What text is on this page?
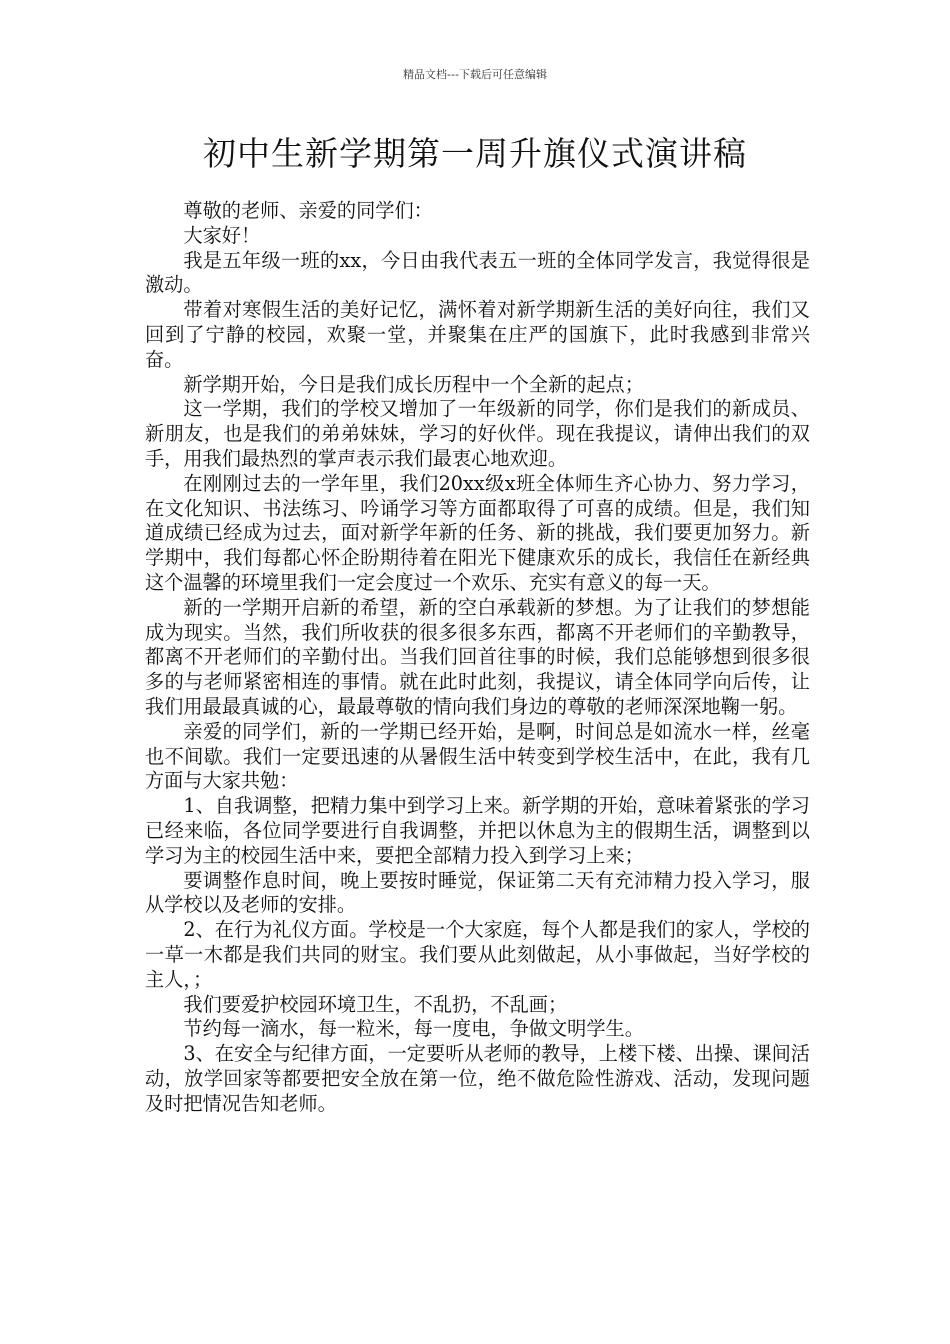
精品文档---下载后可任意编辑
初中生新学期第一周升旗仪式演讲稿

尊敬的老师、亲爱的同学们：

大家好！

我是五年级一班的xx，今日由我代表五一班的全体同学发言，我觉得很是激动。

带着对寒假生活的美好记忆，满怀着对新学期新生活的美好向往，我们又回到了宁静的校园，欢聚一堂，并聚集在庄严的国旗下，此时我感到非常兴奋。

新学期开始，今日是我们成长历程中一个全新的起点；

这一学期，我们的学校又增加了一年级新的同学，你们是我们的新成员、新朋友，也是我们的弟弟妹妹，学习的好伙伴。现在我提议，请伸出我们的双手，用我们最热烈的掌声表示我们最衷心地欢迎。

在刚刚过去的一学年里，我们20xx级x班全体师生齐心协力、努力学习，在文化知识、书法练习、吟诵学习等方面都取得了可喜的成绩。但是，我们知道成绩已经成为过去，面对新学年新的任务、新的挑战，我们要更加努力。新学期中，我们每都心怀企盼期待着在阳光下健康欢乐的成长，我信任在新经典这个温馨的环境里我们一定会度过一个欢乐、充实有意义的每一天。

新的一学期开启新的希望，新的空白承载新的梦想。为了让我们的梦想能成为现实。当然，我们所收获的很多很多东西，都离不开老师们的辛勤教导，都离不开老师们的辛勤付出。当我们回首往事的时候，我们总能够想到很多很多的与老师紧密相连的事情。就在此时此刻，我提议，请全体同学向后传，让我们用最最真诚的心，最最尊敬的情向我们身边的尊敬的老师深深地鞠一躬。

亲爱的同学们，新的一学期已经开始，是啊，时间总是如流水一样，丝毫也不间歇。我们一定要迅速的从暑假生活中转变到学校生活中，在此，我有几方面与大家共勉：

1、自我调整，把精力集中到学习上来。新学期的开始，意味着紧张的学习已经来临，各位同学要进行自我调整，并把以休息为主的假期生活，调整到以学习为主的校园生活中来，要把全部精力投入到学习上来；

要调整作息时间，晚上要按时睡觉，保证第二天有充沛精力投入学习，服从学校以及老师的安排。

2、在行为礼仪方面。学校是一个大家庭，每个人都是我们的家人，学校的一草一木都是我们共同的财宝。我们要从此刻做起，从小事做起，当好学校的主人，；

我们要爱护校园环境卫生，不乱扔，不乱画；

节约每一滴水，每一粒米，每一度电，争做文明学生。

3、在安全与纪律方面，一定要听从老师的教导，上楼下楼、出操、课间活动，放学回家等都要把安全放在第一位，绝不做危险性游戏、活动，发现问题及时把情况告知老师。
